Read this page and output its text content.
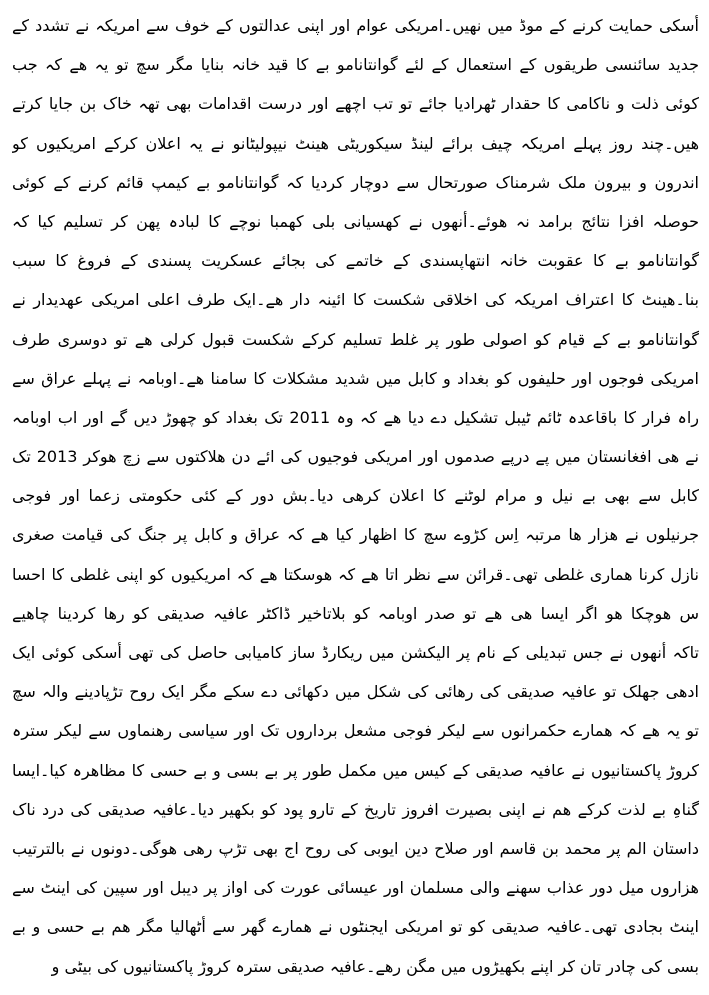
أسکی حمایت کرنے کے موڈ میں نھیں۔امریکی عوام اور اپنی عدالتوں کے خوف سے امریکہ نے تشدد کے
جدید سائنسی طریقوں کے استعمال کے لئے گوانتانامو بے کا قید خانہ بنایا مگر سچ تو یہ ھے کہ جب
کوئی ذلت و ناکامی کا حقدار ٹھرادیا جائے تو تب اچھے اور درست اقدامات بھی تھہ خاک بن جایا کرتے
ھیں۔چند روز پہلے امریکہ چیف برائے لینڈ سیکوریٹی ھینٹ نیپولیٹانو نے یہ اعلان کرکے امریکیوں کو
اندرون و بیرون ملک شرمناک صورتحال سے دوچار کردیا کہ گوانتانامو بے کیمپ قائم کرنے کے کوئی
حوصلہ افزا نتائج برامد نہ ھوئے۔أنھوں نے کھسیانی بلی کھمبا نوچے کا لبادہ پھن کر تسلیم کیا کہ
گوانتانامو بے کا عقوبت خانہ انتھاپسندی کے خاتمے کی بجائے عسکریت پسندی کے فروغ کا سبب
بنا۔ھینٹ کا اعتراف امریکہ کی اخلاقی شکست کا ائینہ دار ھے۔ایک طرف اعلی امریکی عھدیدار نے
گوانتانامو بے کے قیام کو اصولی طور پر غلط تسلیم کرکے شکست قبول کرلی ھے تو دوسری طرف
امریکی فوجوں اور حلیفوں کو بغداد و کابل میں شدید مشکلات کا سامنا ھے۔اوبامہ نے پہلے عراق سے
راہ فرار کا باقاعدہ ٹائم ٹیبل تشکیل دے دیا ھے کہ وہ 2011 تک بغداد کو چھوڑ دیں گے اور اب اوبامہ
نے ھی افغانستان میں پے درپے صدموں اور امریکی فوجیوں کی ائے دن ھلاکتوں سے زچ ھوکر 2013 تک
کابل سے بھی بے نیل و مرام لوٹنے کا اعلان کرھی دیا۔بش دور کے کئی حکومتی زعما اور فوجی
جرنیلوں نے ھزار ھا مرتبہ اِس کڑوے سچ کا اظھار کیا ھے کہ عراق و کابل پر جنگ کی قیامت صغری
نازل کرنا ھماری غلطی تھی۔قرائن سے نظر اتا ھے کہ ھوسکتا ھے کہ امریکیوں کو اپنی غلطی کا احسا
س ھوچکا ھو اگر ایسا ھی ھے تو صدر اوبامہ کو بلاتاخیر ڈاکٹر عافیہ صدیقی کو رھا کردینا چاھیے
تاکہ أنھوں نے جس تبدیلی کے نام پر الیکشن میں ریکارڈ ساز کامیابی حاصل کی تھی أسکی کوئی ایک
ادھی جھلک تو عافیہ صدیقی کی رھائی کی شکل میں دکھائی دے سکے مگر ایک روح تڑپادینے والہ سچ
تو یہ ھے کہ ھمارے حکمرانوں سے لیکر فوجی مشعل برداروں تک اور سیاسی رھنماوں سے لیکر سترہ
کروڑ پاکستانیوں نے عافیہ صدیقی کے کیس میں مکمل طور پر بے بسی و بے حسی کا مظاھرہ کیا۔ایسا
گناہِ بے لذت کرکے ھم نے اپنی بصیرت افروز تاریخ کے تارو پود کو بکھیر دیا۔عافیہ صدیقی کی درد ناک
داستان الم پر محمد بن قاسم اور صلاح دین ایوبی کی روح اج بھی تڑپ رھی ھوگی۔دونوں نے بالترتیب
ھزاروں میل دور عذاب سھنے والی مسلمان اور عیسائی عورت کی اواز پر دیبل اور سپین کی اینٹ سے
اینٹ بجادی تھی۔عافیہ صدیقی کو تو امریکی ایجنٹوں نے ھمارے گھر سے أٹھالیا مگر ھم بے حسی و بے
بسی کی چادر تان کر اپنے بکھیڑوں میں مگن رھے۔عافیہ صدیقی سترہ کروڑ پاکستانیوں کی بیٹی و
